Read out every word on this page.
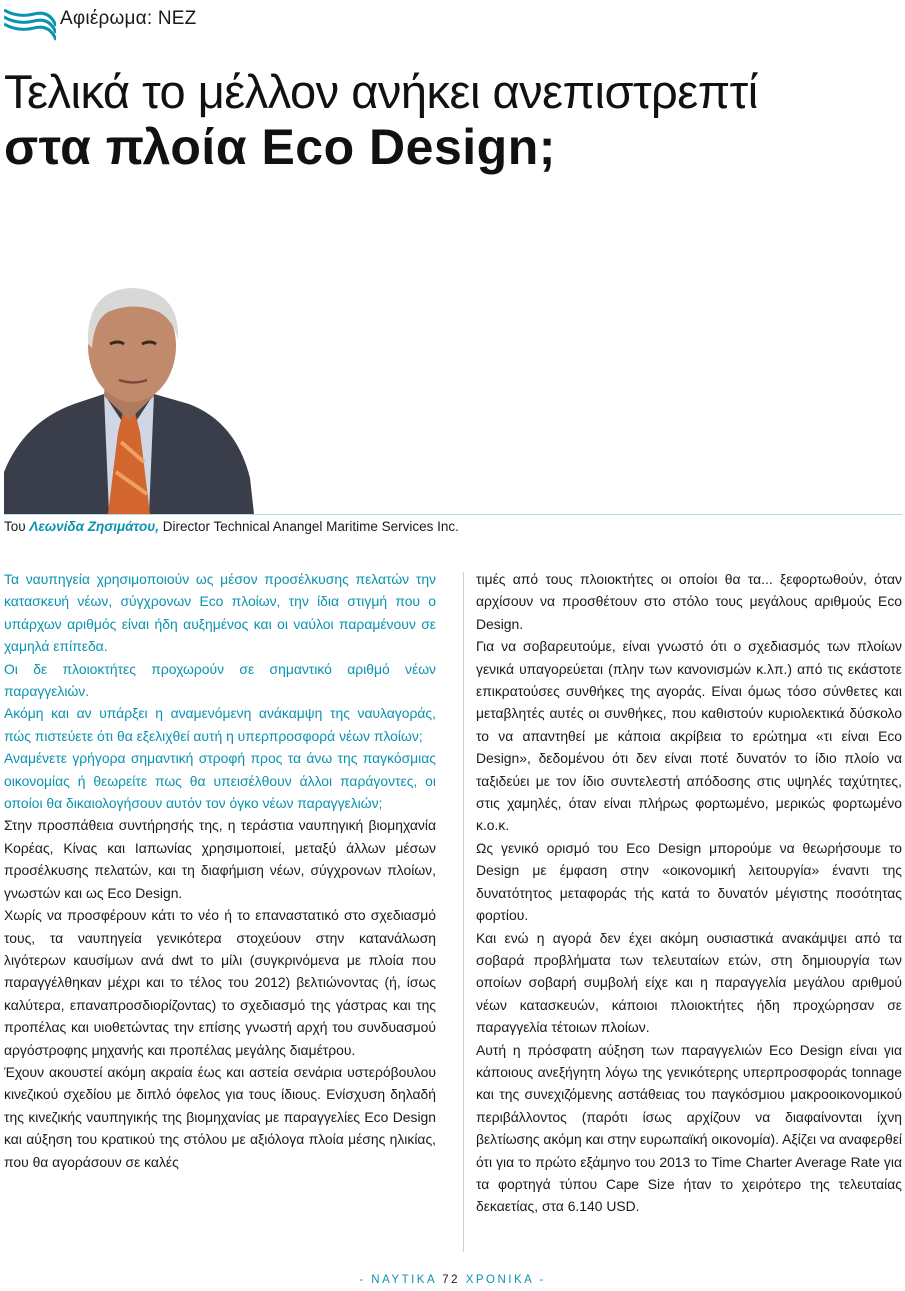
Αφιέρωμα: ΝΕΖ
Τελικά το μέλλον ανήκει ανεπιστρεπτί
στα πλοία Eco Design;
Του Λεωνίδα Ζησιμάτου, Director Technical Anangel Maritime Services Inc.

Τα ναυπηγεία χρησιμοποιούν ως μέσον προσέλκυσης πελατών την κατασκευή νέων, σύγχρονων Eco πλοίων, την ίδια στιγμή που ο υπάρχων αριθμός είναι ήδη αυξημένος και οι ναύλοι παραμένουν σε χαμηλά επίπεδα.

Οι δε πλοιοκτήτες προχωρούν σε σημαντικό αριθμό νέων παραγγελιών.

Ακόμη και αν υπάρξει η αναμενόμενη ανάκαμψη της ναυλαγοράς, πώς πιστεύετε ότι θα εξελιχθεί αυτή η υπερπροσφορά νέων πλοίων;

Αναμένετε γρήγορα σημαντική στροφή προς τα άνω της παγκόσμιας οικονομίας ή θεωρείτε πως θα υπεισέλθουν άλλοι παράγοντες, οι οποίοι θα δικαιολογήσουν αυτόν τον όγκο νέων παραγγελιών;

Στην προσπάθεια συντήρησής της, η τεράστια ναυπηγική βιομηχανία Κορέας, Κίνας και Ιαπωνίας χρησιμοποιεί, μεταξύ άλλων μέσων προσέλκυσης πελατών, και τη διαφήμιση νέων, σύγχρονων πλοίων, γνωστών και ως Eco Design.

Χωρίς να προσφέρουν κάτι το νέο ή το επαναστατικό στο σχεδιασμό τους, τα ναυπηγεία γενικότερα στοχεύουν στην κατανάλωση λιγότερων καυσίμων ανά dwt το μίλι (συγκρινόμενα με πλοία που παραγγέλθηκαν μέχρι και το τέλος του 2012) βελτιώνοντας (ή, ίσως καλύτερα, επαναπροσδιορίζοντας) το σχεδιασμό της γάστρας και της προπέλας και υιοθετώντας την επίσης γνωστή αρχή του συνδυασμού αργόστροφης μηχανής και προπέλας μεγάλης διαμέτρου.

Έχουν ακουστεί ακόμη ακραία έως και αστεία σενάρια υστερόβουλου κινεζικού σχεδίου με διπλό όφελος για τους ίδιους. Ενίσχυση δηλαδή της κινεζικής ναυπηγικής της βιομηχανίας με παραγγελίες Eco Design και αύξηση του κρατικού της στόλου με αξιόλογα πλοία μέσης ηλικίας, που θα αγοράσουν σε καλές

τιμές από τους πλοιοκτήτες οι οποίοι θα τα... ξεφορτωθούν, όταν αρχίσουν να προσθέτουν στο στόλο τους μεγάλους αριθμούς Eco Design.

Για να σοβαρευτούμε, είναι γνωστό ότι ο σχεδιασμός των πλοίων γενικά υπαγορεύεται (πλην των κανονισμών κ.λπ.) από τις εκάστοτε επικρατούσες συνθήκες της αγοράς. Είναι όμως τόσο σύνθετες και μεταβλητές αυτές οι συνθήκες, που καθιστούν κυριολεκτικά δύσκολο το να απαντηθεί με κάποια ακρίβεια το ερώτημα «τι είναι Eco Design», δεδομένου ότι δεν είναι ποτέ δυνατόν το ίδιο πλοίο να ταξιδεύει με τον ίδιο συντελεστή απόδοσης στις υψηλές ταχύτητες, στις χαμηλές, όταν είναι πλήρως φορτωμένο, μερικώς φορτωμένο κ.ο.κ.

Ως γενικό ορισμό του Eco Design μπορούμε να θεωρήσουμε το Design με έμφαση στην «οικονομική λειτουργία» έναντι της δυνατότητος μεταφοράς τής κατά το δυνατόν μέγιστης ποσότητας φορτίου.

Και ενώ η αγορά δεν έχει ακόμη ουσιαστικά ανακάμψει από τα σοβαρά προβλήματα των τελευταίων ετών, στη δημιουργία των οποίων σοβαρή συμβολή είχε και η παραγγελία μεγάλου αριθμού νέων κατασκευών, κάποιοι πλοιοκτήτες ήδη προχώρησαν σε παραγγελία τέτοιων πλοίων.

Αυτή η πρόσφατη αύξηση των παραγγελιών Eco Design είναι για κάποιους ανεξήγητη λόγω της γενικότερης υπερπροσφοράς tonnage και της συνεχιζόμενης αστάθειας του παγκόσμιου μακροοικονομικού περιβάλλοντος (παρότι ίσως αρχίζουν να διαφαίνονται ίχνη βελτίωσης ακόμη και στην ευρωπαϊκή οικονομία). Αξίζει να αναφερθεί ότι για το πρώτο εξάμηνο του 2013 το Time Charter Average Rate για τα φορτηγά τύπου Cape Size ήταν το χειρότερο της τελευταίας δεκαετίας, στα 6.140 USD.

- ΝΑΥΤΙΚΑ 72 ΧΡΟΝΙΚΑ -
